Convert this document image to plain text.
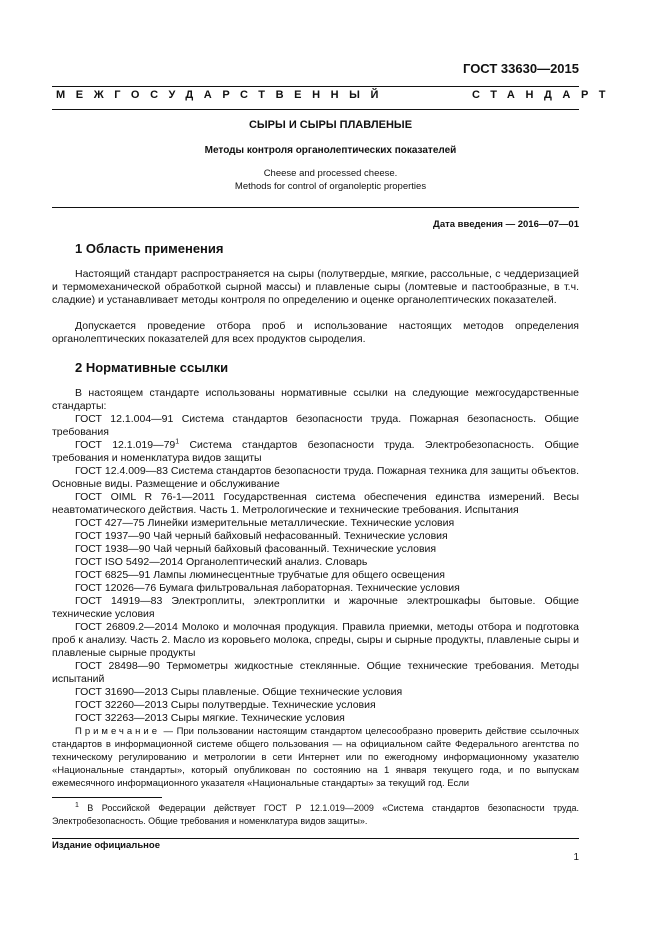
ГОСТ 33630—2015
МЕЖГОСУДАРСТВЕННЫЙ	СТАНДАРТ
СЫРЫ И СЫРЫ ПЛАВЛЕНЫЕ
Методы контроля органолептических показателей
Cheese and processed cheese.
Methods for control of organoleptic properties
Дата введения — 2016—07—01
1 Область применения
Настоящий стандарт распространяется на сыры (полутвердые, мягкие, рассольные, с чеддеризацией и термомеханической обработкой сырной массы) и плавленые сыры (ломтевые и пастообразные, в т.ч. сладкие) и устанавливает методы контроля по определению и оценке органолептических показателей.
Допускается проведение отбора проб и использование настоящих методов определения органолептических показателей для всех продуктов сыроделия.
2 Нормативные ссылки
В настоящем стандарте использованы нормативные ссылки на следующие межгосударственные стандарты:
ГОСТ 12.1.004—91 Система стандартов безопасности труда. Пожарная безопасность. Общие требования
ГОСТ $12.1.019—79^1$ Система стандартов безопасности труда. Электробезопасность. Общие требования и номенклатура видов защиты
ГОСТ 12.4.009—83 Система стандартов безопасности труда. Пожарная техника для защиты объектов. Основные виды. Размещение и обслуживание
ГОСТ OIML R 76-1—2011 Государственная система обеспечения единства измерений. Весы неавтоматического действия. Часть 1. Метрологические и технические требования. Испытания
ГОСТ 427—75 Линейки измерительные металлические. Технические условия
ГОСТ 1937—90 Чай черный байховый нефасованный. Технические условия
ГОСТ 1938—90 Чай черный байховый фасованный. Технические условия
ГОСТ ISO 5492—2014 Органолептический анализ. Словарь
ГОСТ 6825—91 Лампы люминесцентные трубчатые для общего освещения
ГОСТ 12026—76 Бумага фильтровальная лабораторная. Технические условия
ГОСТ 14919—83 Электроплиты, электроплитки и жарочные электрошкафы бытовые. Общие технические условия
ГОСТ 26809.2—2014 Молоко и молочная продукция. Правила приемки, методы отбора и подготовка проб к анализу. Часть 2. Масло из коровьего молока, спреды, сыры и сырные продукты, плавленые сыры и плавленые сырные продукты
ГОСТ 28498—90 Термометры жидкостные стеклянные. Общие технические требования. Методы испытаний
ГОСТ 31690—2013 Сыры плавленые. Общие технические условия
ГОСТ 32260—2013 Сыры полутвердые. Технические условия
ГОСТ 32263—2013 Сыры мягкие. Технические условия
Примечание — При пользовании настоящим стандартом целесообразно проверить действие ссылочных стандартов в информационной системе общего пользования — на официальном сайте Федерального агентства по техническому регулированию и метрологии в сети Интернет или по ежегодному информационному указателю «Национальные стандарты», который опубликован по состоянию на 1 января текущего года, и по выпускам ежемесячного информационного указателя «Национальные стандарты» за текущий год. Если
$^1$ В Российской Федерации действует ГОСТ Р 12.1.019—2009 «Система стандартов безопасности труда. Электробезопасность. Общие требования и номенклатура видов защиты».
Издание официальное
1
